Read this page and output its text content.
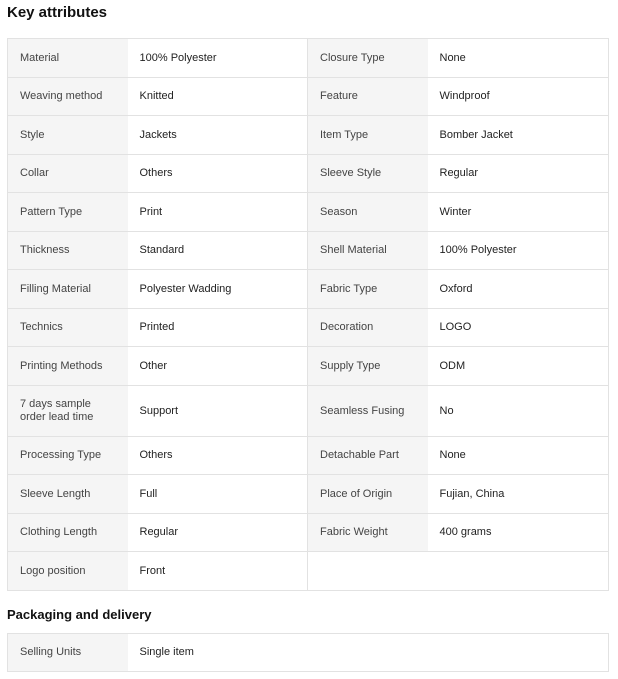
Key attributes
Material	100% Polyester	Closure Type	None
Weaving method	Knitted	Feature	Windproof
Style	Jackets	Item Type	Bomber Jacket
Collar	Others	Sleeve Style	Regular
Pattern Type	Print	Season	Winter
Thickness	Standard	Shell Material	100% Polyester
Filling Material	Polyester Wadding	Fabric Type	Oxford
Technics	Printed	Decoration	LOGO
Printing Methods	Other	Supply Type	ODM
7 days sample order lead time	Support	Seamless Fusing	No
Processing Type	Others	Detachable Part	None
Sleeve Length	Full	Place of Origin	Fujian, China
Clothing Length	Regular	Fabric Weight	400 grams
Logo position	Front		
Packaging and delivery
Selling Units	Single item
